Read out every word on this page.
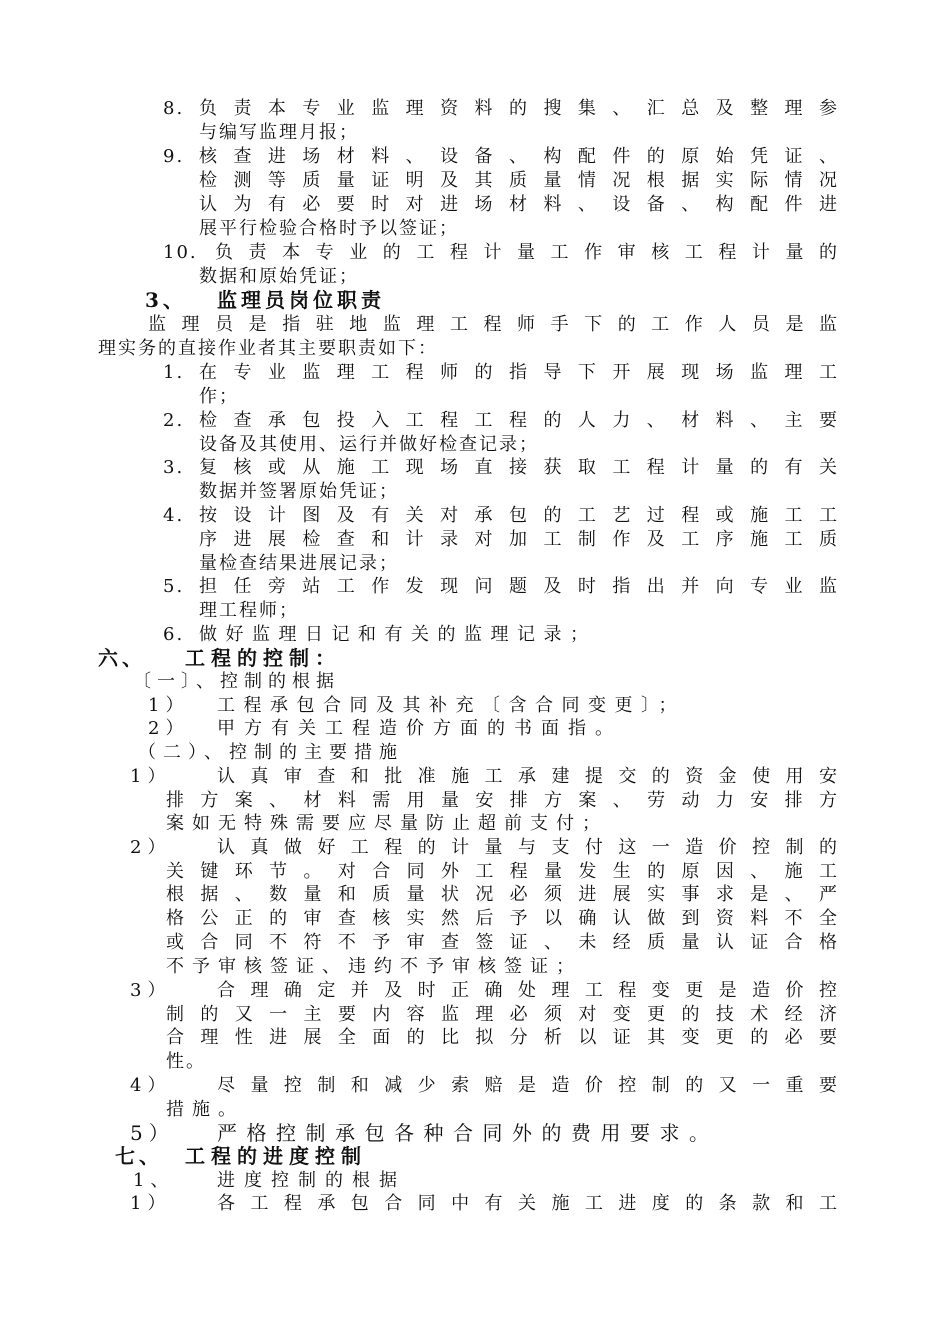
8. 负责本专业监理资料的搜集、汇总及整理参
与编写监理月报；
9. 核查进场材料、设备、构配件的原始凭证、
检测等质量证明及其质量情况根据实际情况
认为有必要时对进场材料、设备、构配件进
展平行检验合格时予以签证；
10. 负责本专业的工程计量工作审核工程计量的
数据和原始凭证；
3、 监理员岗位职责
监理员是指驻地监理工程师手下的工作人员是监
理实务的直接作业者其主要职责如下：
1. 在专业监理工程师的指导下开展现场监理工
作；
2. 检查承包投入工程工程的人力、材料、主要
设备及其使用、运行并做好检查记录；
3. 复核或从施工现场直接获取工程计量的有关
数据并签署原始凭证；
4. 按设计图及有关对承包的工艺过程或施工工
序进展检查和计录对加工制作及工序施工质
量检查结果进展记录；
5. 担任旁站工作发现问题及时指出并向专业监
理工程师；
6. 做好监理日记和有关的监理记录；
六、 工程的控制：
〔一〕、控制的根据
1） 工程承包合同及其补充〔含合同变更〕；
2） 甲方有关工程造价方面的书面指。
（二）、控制的主要措施
1）	认真审查和批准施工承建提交的资金使用安
排方案、材料需用量安排方案、劳动力安排方
案如无特殊需要应尽量防止超前支付；
2）	认真做好工程的计量与支付这一造价控制的
关键环节。对合同外工程量发生的原因、施工
根据、数量和质量状况必须进展实事求是、严
格公正的审查核实然后予以确认做到资料不全
或合同不符不予审查签证、未经质量认证合格
不予审核签证、违约不予审核签证；
3）	合理确定并及时正确处理工程变更是造价控
制的又一主要内容监理必须对变更的技术经济
合理性进展全面的比拟分析以证其变更的必要
性。
4）	尽量控制和减少索赔是造价控制的又一重要
措施。
5） 严格控制承包各种合同外的费用要求。
七、 工程的进度控制
1、 进度控制的根据
1）	各工程承包合同中有关施工进度的条款和工
